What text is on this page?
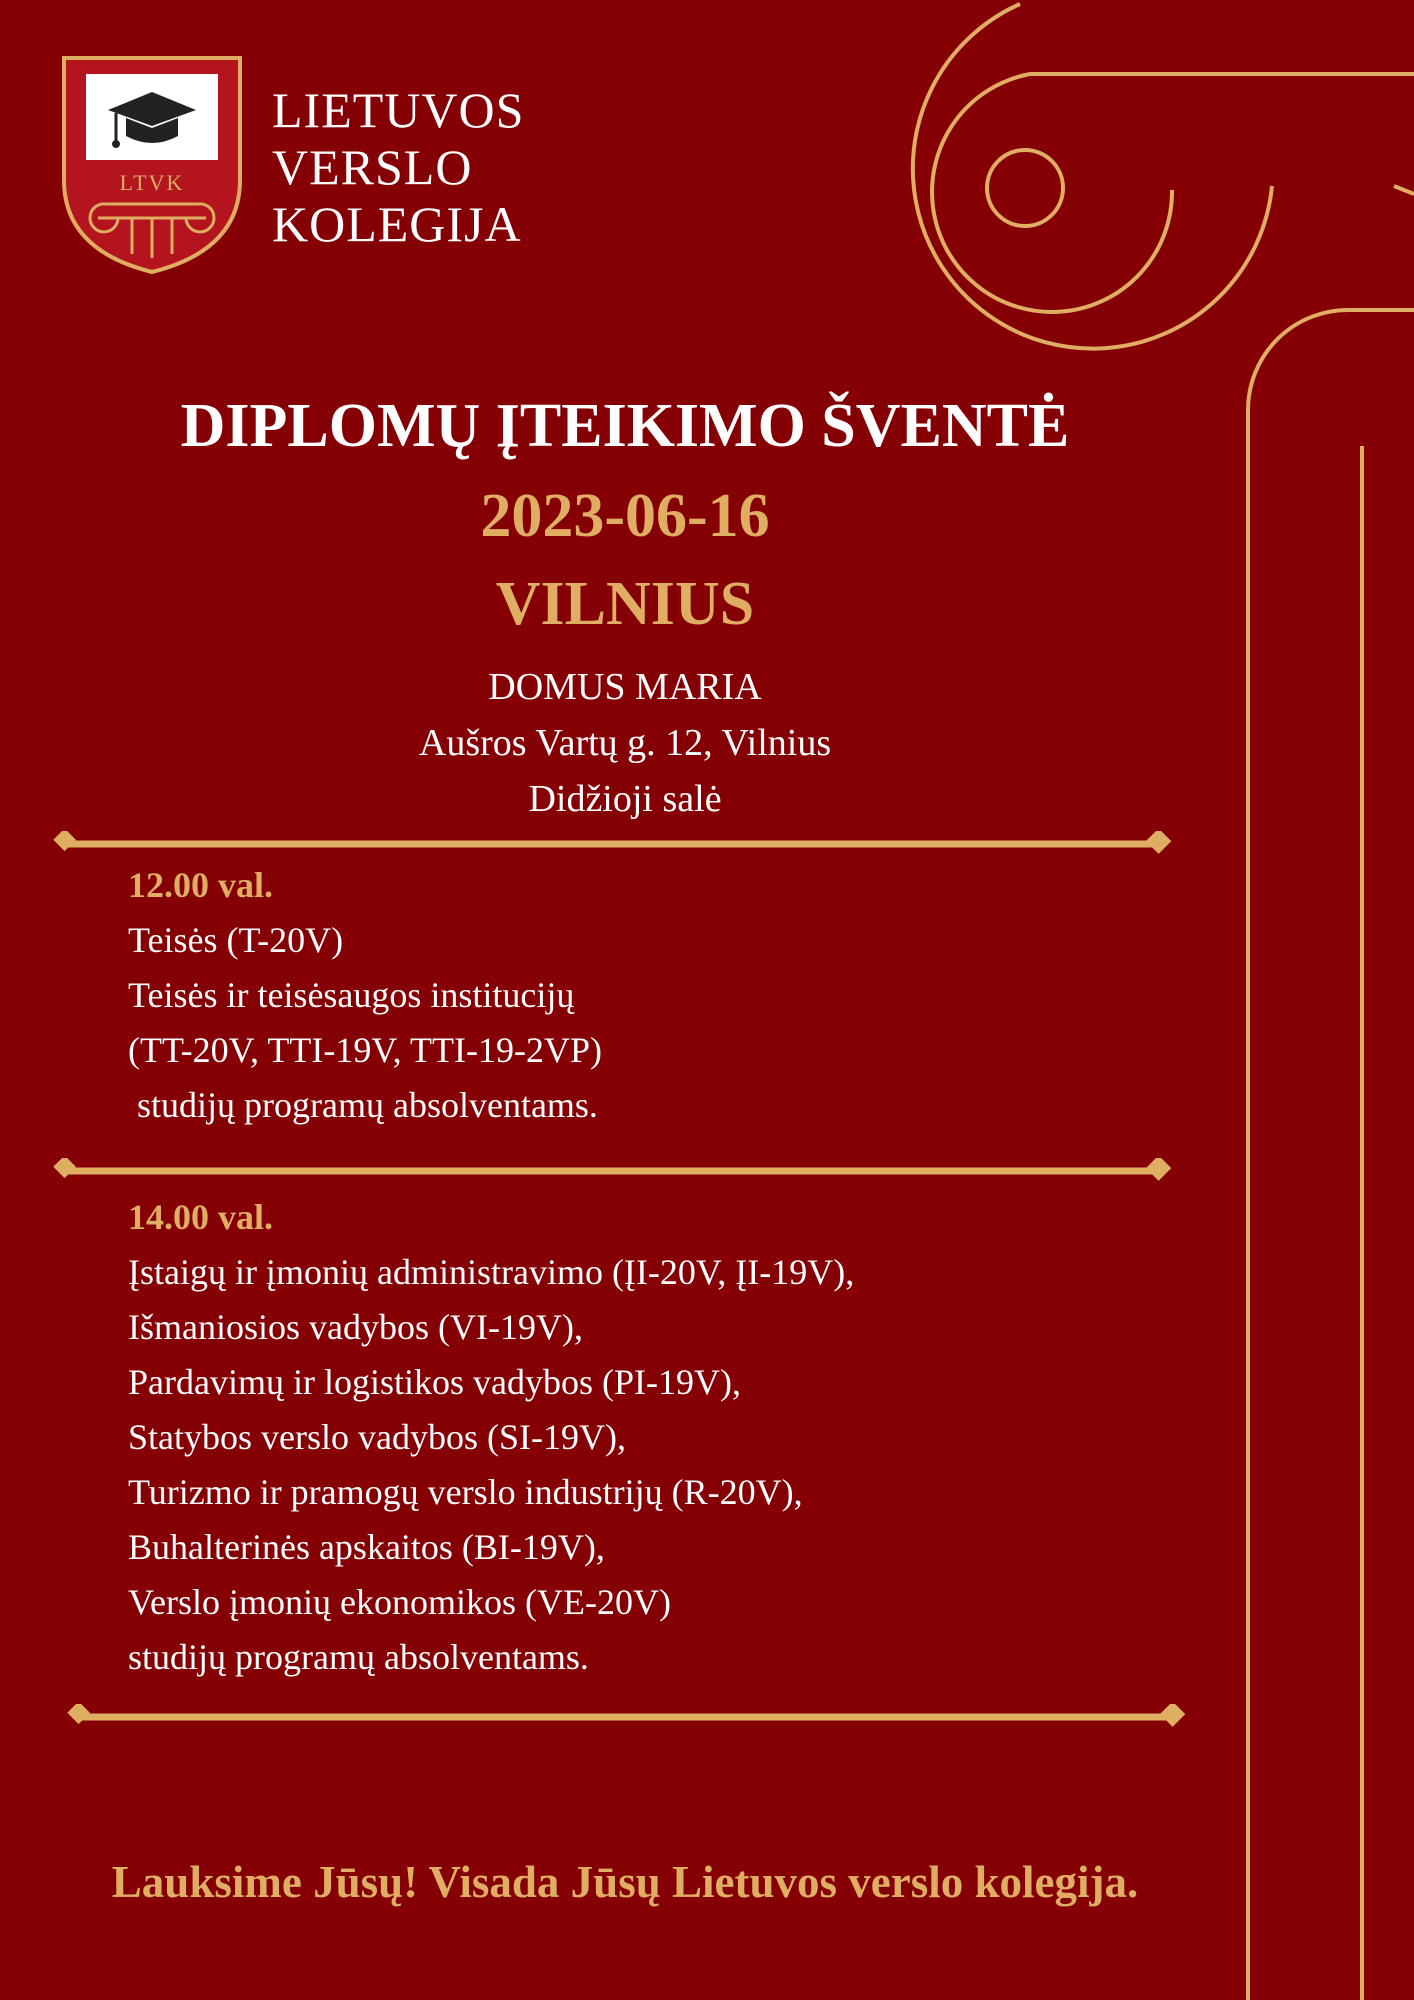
LTVK
LIETUVOS
VERSLO
KOLEGIJA
DIPLOMŲ ĮTEIKIMO ŠVENTĖ
2023-06-16
VILNIUS
DOMUS MARIA
Aušros Vartų g. 12, Vilnius
Didžioji salė
12.00 val.
Teisės (T-20V)
Teisės ir teisėsaugos institucijų
(TT-20V, TTI-19V, TTI-19-2VP)
studijų programų absolventams.
14.00 val.
Įstaigų ir įmonių administravimo (ĮI-20V, ĮI-19V),
Išmaniosios vadybos (VI-19V),
Pardavimų ir logistikos vadybos (PI-19V),
Statybos verslo vadybos (SI-19V),
Turizmo ir pramogų verslo industrijų (R-20V),
Buhalterinės apskaitos (BI-19V),
Verslo įmonių ekonomikos (VE-20V)
studijų programų absolventams.
Lauksime Jūsų! Visada Jūsų Lietuvos verslo kolegija.
